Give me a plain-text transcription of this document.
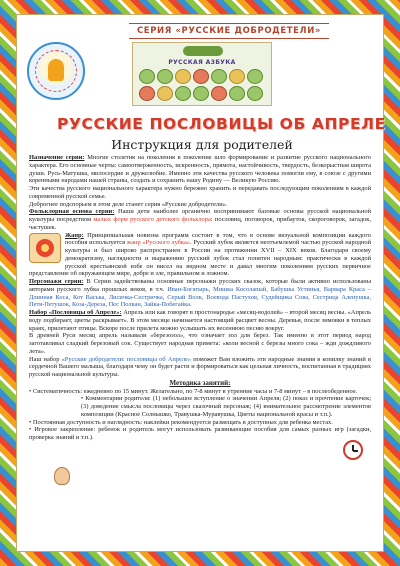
СЕРИЯ «РУССКИЕ ДОБРОДЕТЕЛИ»
РУССКАЯ АЗБУКА
РУССКИЕ ПОСЛОВИЦЫ ОБ АПРЕЛЕ
Инструкция для родителей

Назначение серии: Многие столетия на поколения в поколение шло формирование и развитие русского национального характера. Его основные черты: самоотверженность, искренность, прямота, настойчивость, твердость, безкорыстная широта души. Русь-Матушка, милосердие и дружелюбие. Именно эти качества русского человека помогли ему, в союзе с другими коренными народами нашей страны, создать и сохранить нашу Родину — Великую Россию.

Эти качества русского национального характера нужно бережно хранить и передавать последующим поколениям в каждой современной русской семье.

Доброгнее подспорьем в этом деле станет серия «Русские добродетели».

Фольклорная основа серии: Наши дети наиболее органично воспринимают базовые основы русской национальной культуры посредством малых форм русского детского фольклора: пословиц, поговорок, прибауток, скороговорок, загадок, частушек.

Жанр: Принципиальная новизна программ состоит в том, что в основе визуальной композиции каждого пособия используется жанр «Русского лубка». Русский лубок является неотъемлемой частью русской народной культуры и был широко распространен в России на протяжении XVII – XIX веков. Благодаря своему демократизму, наглядности и выражению русский лубок стал понятен народным: практически в каждой русской крестьянской избе он висел на видном месте и давал многим поколениям русских первичное представление об окружающем мире, добре и зле, правильном и ложном.

Персонажи серии: В Серии задействованы основные персонажи русских сказок, которые были активно использованы авторами русского лубка прошлых веков, в т.ч. Иван-Богатырь, Мишка Косолапый, Бабушка Устинья, Варвара Краса – Длинная Коса, Кот Васька, Лисичка-Сестричка, Серый Волк, Воевода Пастухов, Судейщика Сова, Сестрица Аленушка, Петя-Петушок, Коза-Дереза, Пес Полкан, Зайка-Побегайка.

Набор «Пословицы об Апреле»: Апрель или как говорят в простонародье «месяц-водолей» – второй месяц весны. «Апрель воду подбирает, цветы раскрывает». В этом месяце начинается настоящий расцвет весны. Деревья, после зимовки в теплых краях, прилетают птицы. Вскоре после прилета можно услышать их весеннюю песню вокруг.

В древней Руси месяц апрель называли «березозол», что означает зол для берез. Так именно в этот период народ заготавливал сладкий березовый сок. Существует народная примета: «коли весной с березы много сока – жди дождливого лета».

Наш набор «Русские добродетели: пословицы об Апреле» поможет Вам вложить эти народные знания в копилку знаний в сердечной Вашего малыша, благодаря чему он будет расти и формироваться как цельная личность, воспитанная в традициях русской национальной культуры.

Методика занятий:
• Систематичность: ежедневно по 15 минут. Желательно, по 7-8 минут в утренние часы и 7-8 минут – в послеобеденное.
• Комментарии родителя: (1) небольшое вступление о значении Апреля; (2) показ и прочтение карточек; (3) доведение смысла пословицы через сказочный персонаж; (4) внимательное рассмотрение элементов композиции (Красное Солнышко, Травушка-Муравушка, Цветы национальной красы и т.п.).
• Постоянная доступность и наглядность: наклейки рекомендуется размещать в доступных для ребенка местах.
• Игровое закрепление: ребенок и родитель могут использовать развивающие пособия для самых разных игр (загадки, проверка знаний и т.п.).
